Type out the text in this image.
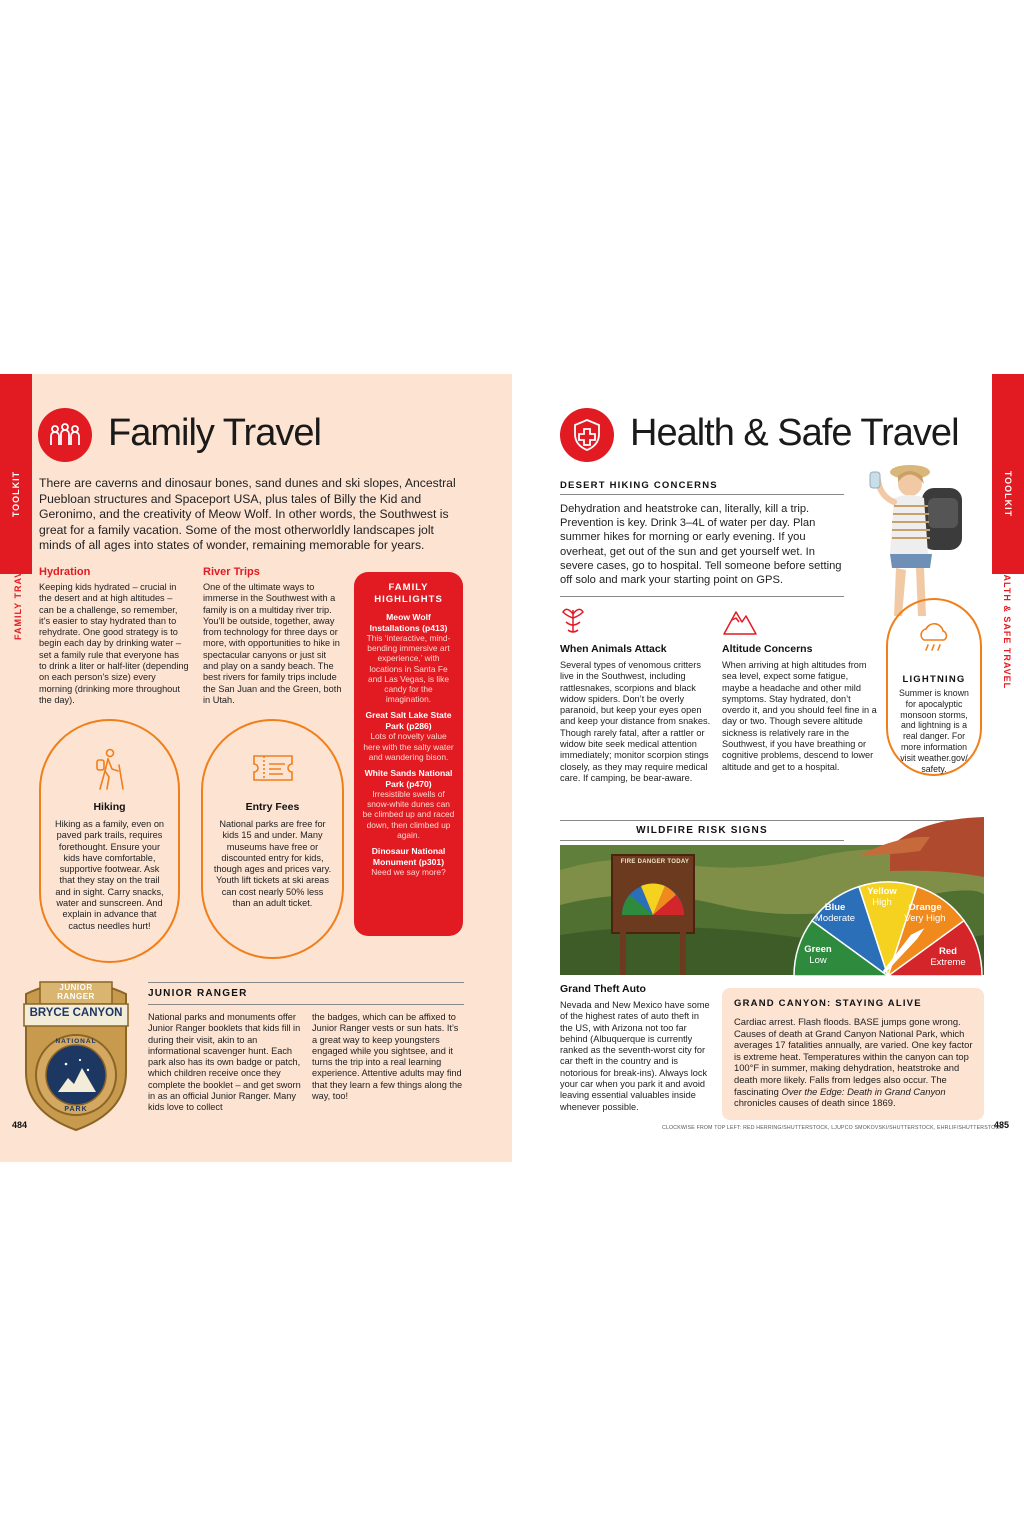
TOOLKIT
FAMILY TRAVEL
Family Travel
There are caverns and dinosaur bones, sand dunes and ski slopes, Ancestral Puebloan structures and Spaceport USA, plus tales of Billy the Kid and Geronimo, and the creativity of Meow Wolf. In other words, the Southwest is great for a family vacation. Some of the most otherworldly landscapes jolt minds of all ages into states of wonder, remaining memorable for years.
Hydration
Keeping kids hydrated – crucial in the desert and at high altitudes – can be a challenge, so remember, it’s easier to stay hydrated than to rehydrate. One good strategy is to begin each day by drinking water – set a family rule that everyone has to drink a liter or half-liter (depending on each person’s size) every morning (drinking more throughout the day).
River Trips
One of the ultimate ways to immerse in the Southwest with a family is on a multiday river trip. You’ll be outside, together, away from technology for three days or more, with opportunities to hike in spectacular canyons or just sit and play on a sandy beach. The best rivers for family trips include the San Juan and the Green, both in Utah.
FAMILY HIGHLIGHTS
Meow Wolf Installations (p413)
This ‘interactive, mind-bending immersive art experience,’ with locations in Santa Fe and Las Vegas, is like candy for the imagination.
Great Salt Lake State Park (p286)
Lots of novelty value here with the salty water and wandering bison.
White Sands National Park (p470)
Irresistible swells of snow-white dunes can be climbed up and raced down, then climbed up again.
Dinosaur National Monument (p301)
Need we say more?
Hiking
Hiking as a family, even on paved park trails, requires forethought. Ensure your kids have comfortable, supportive footwear. Ask that they stay on the trail and in sight. Carry snacks, water and sunscreen. And explain in advance that cactus needles hurt!
Entry Fees
National parks are free for kids 15 and under. Many museums have free or discounted entry for kids, though ages and prices vary. Youth lift tickets at ski areas can cost nearly 50% less than an adult ticket.
JUNIOR RANGER
BRYCE CANYON
NATIONAL
PARK
JUNIOR RANGER
National parks and monuments offer Junior Ranger booklets that kids fill in during their visit, akin to an informational scavenger hunt. Each park also has its own badge or patch, which children receive once they complete the booklet – and get sworn in as an official Junior Ranger. Many kids love to collect
the badges, which can be affixed to Junior Ranger vests or sun hats. It’s a great way to keep youngsters engaged while you sightsee, and it turns the trip into a real learning experience. Attentive adults may find that they learn a few things along the way, too!
484
TOOLKIT
HEALTH & SAFE TRAVEL
Health & Safe Travel
DESERT HIKING CONCERNS
Dehydration and heatstroke can, literally, kill a trip. Prevention is key. Drink 3–4L of water per day. Plan summer hikes for morning or early evening. If you overheat, get out of the sun and get yourself wet. In severe cases, go to hospital. Tell someone before setting off solo and mark your starting point on GPS.
When Animals Attack
Several types of venomous critters live in the Southwest, including rattlesnakes, scorpions and black widow spiders. Don’t be overly paranoid, but keep your eyes open and keep your distance from snakes. Though rarely fatal, after a rattler or widow bite seek medical attention immediately; monitor scorpion stings closely, as they may require medical care. If camping, be bear-aware.
Altitude Concerns
When arriving at high altitudes from sea level, expect some fatigue, maybe a headache and other mild symptoms. Stay hydrated, don’t overdo it, and you should feel fine in a day or two. Though severe altitude sickness is relatively rare in the Southwest, if you have breathing or cognitive problems, descend to lower altitude and get to a hospital.
LIGHTNING
Summer is known for apocalyptic monsoon storms, and lightning is a real danger. For more information visit weather.gov/ safety.
WILDFIRE RISK SIGNS
FIRE DANGER TODAY
Green
Low
Blue
Moderate
Yellow
High	Orange
Very High
Red
Extreme
Grand Theft Auto
Nevada and New Mexico have some of the highest rates of auto theft in the US, with Arizona not too far behind (Albuquerque is currently ranked as the seventh-worst city for car theft in the country and is notorious for break-ins). Always lock your car when you park it and avoid leaving essential valuables inside whenever possible.
GRAND CANYON: STAYING ALIVE
Cardiac arrest. Flash floods. BASE jumps gone wrong. Causes of death at Grand Canyon National Park, which averages 17 fatalities annually, are varied. One key factor is extreme heat. Temperatures within the canyon can top 100°F in summer, making dehydration, heatstroke and death more likely. Falls from ledges also occur. The fascinating Over the Edge: Death in Grand Canyon chronicles causes of death since 1869.
CLOCKWISE FROM TOP LEFT: RED HERRING/SHUTTERSTOCK, LJUPCO SMOKOVSKI/SHUTTERSTOCK, EHRLIF/SHUTTERSTOCK
485
